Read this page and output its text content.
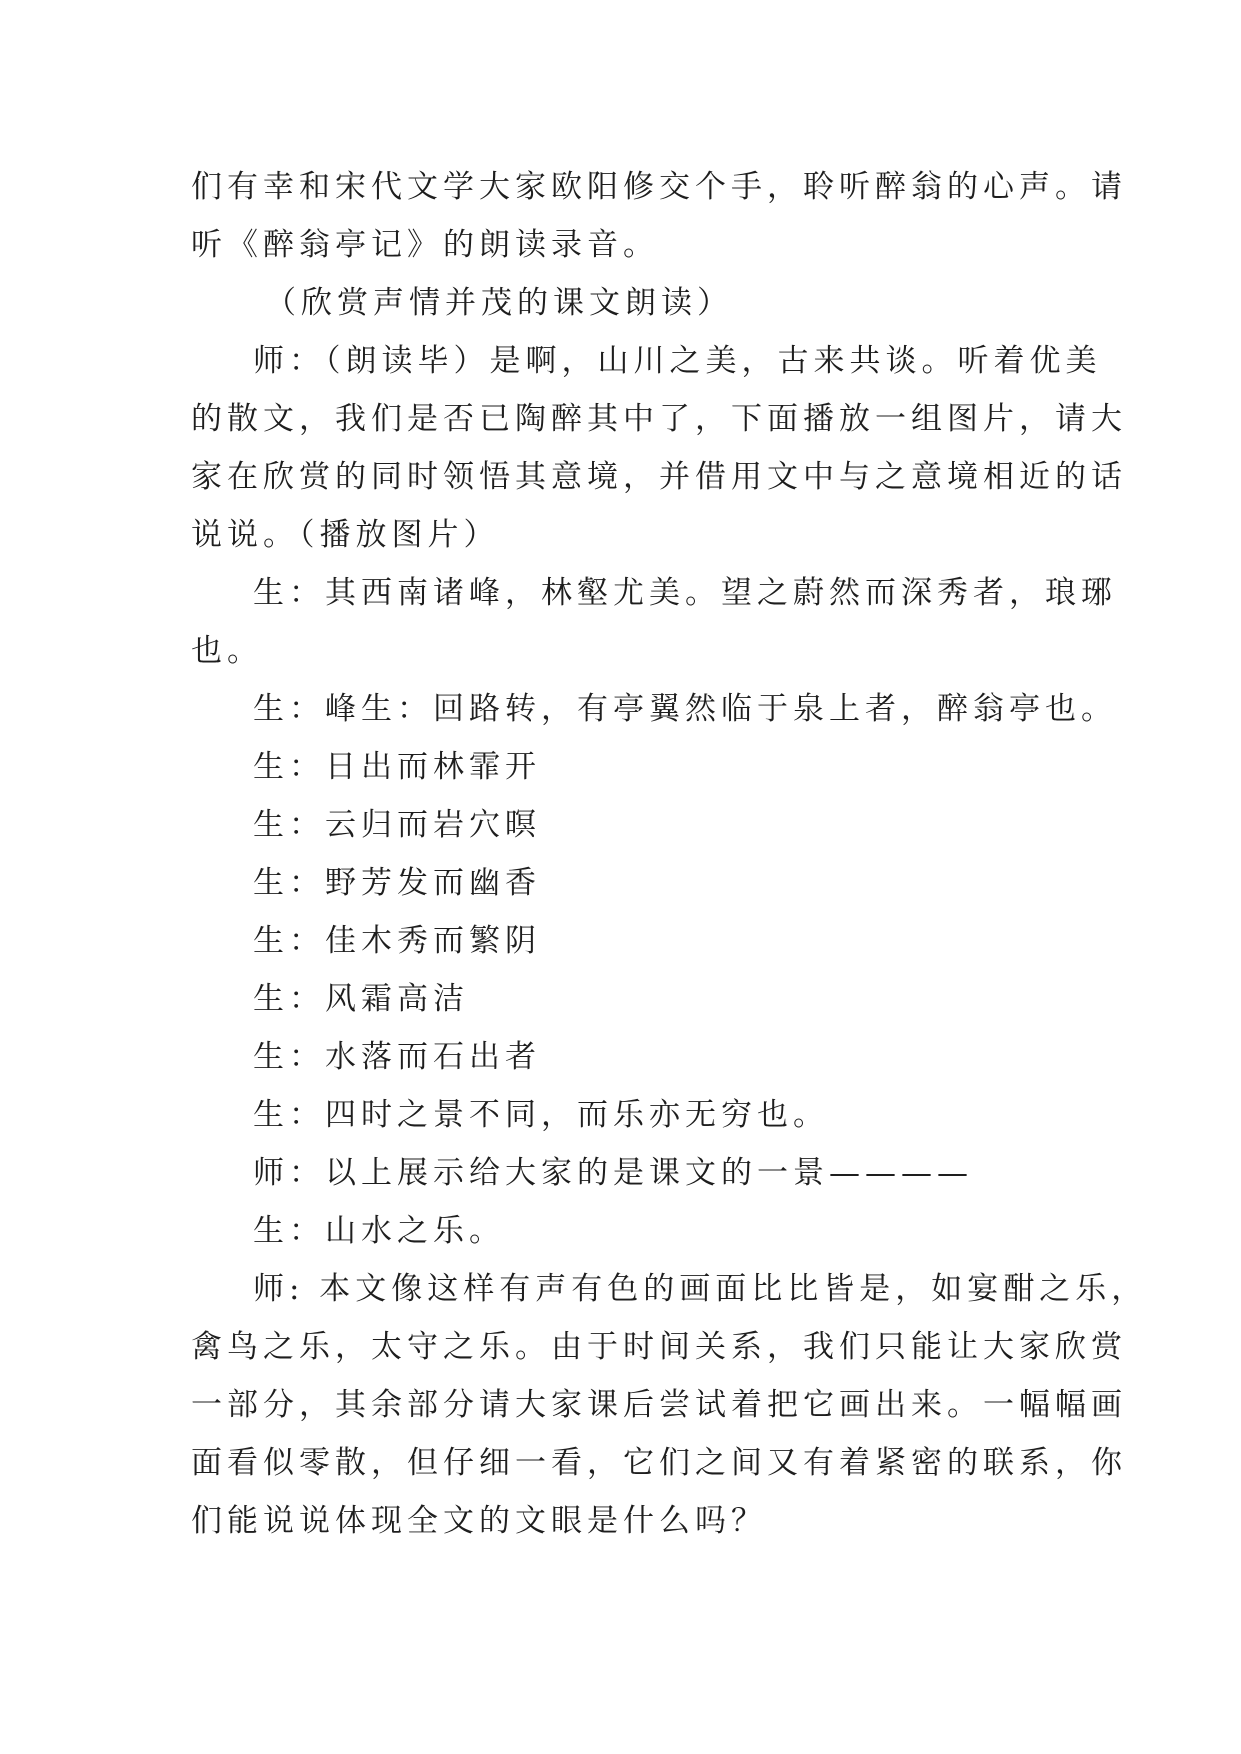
们有幸和宋代文学大家欧阳修交个手，聆听醉翁的心声。请

听《醉翁亭记》的朗读录音。

（欣赏声情并茂的课文朗读）

师：（朗读毕）是啊，山川之美，古来共谈。听着优美

的散文，我们是否已陶醉其中了，下面播放一组图片，请大

家在欣赏的同时领悟其意境，并借用文中与之意境相近的话

说说。（播放图片）

生：其西南诸峰，林壑尤美。望之蔚然而深秀者，琅琊

也。

生：峰生：回路转，有亭翼然临于泉上者，醉翁亭也。

生：日出而林霏开

生：云归而岩穴暝

生：野芳发而幽香

生：佳木秀而繁阴

生：风霜高洁

生：水落而石出者

生：四时之景不同，而乐亦无穷也。

师：以上展示给大家的是课文的一景————

生：山水之乐。

师: 本文像这样有声有色的画面比比皆是，如宴酣之乐，

禽鸟之乐，太守之乐。由于时间关系，我们只能让大家欣赏

一部分，其余部分请大家课后尝试着把它画出来。一幅幅画

面看似零散，但仔细一看，它们之间又有着紧密的联系，你

们能说说体现全文的文眼是什么吗？
